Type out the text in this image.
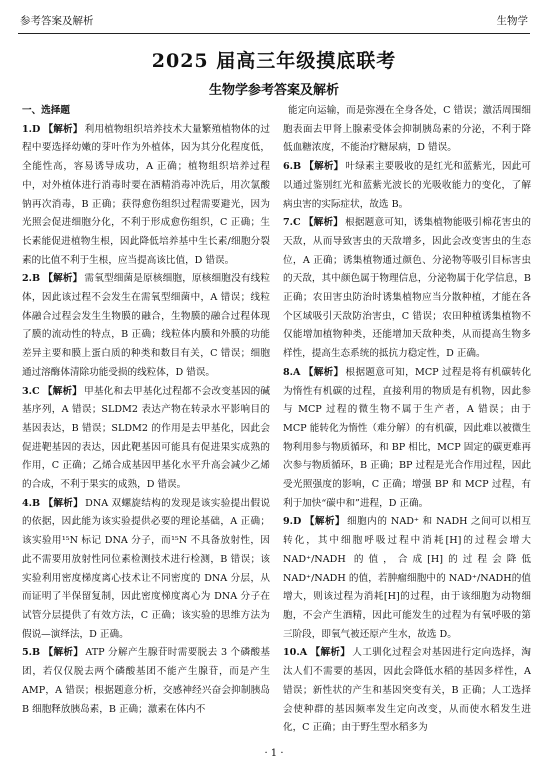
参考答案及解析	生物学
2025 届高三年级摸底联考
生物学参考答案及解析

一、选择题

1.D 【解析】 利用植物组织培养技术大量繁殖植物体的过程中要选择幼嫩的芽叶作为外植体，因为其分化程度低，全能性高，容易诱导成功，A 正确；植物组织培养过程中，对外植体进行消毒时要在酒精消毒冲洗后，用次氯酸钠再次消毒，B 正确；获得愈伤组织过程需要避光，因为光照会促进细胞分化，不利于形成愈伤组织，C 正确；生长素能促进植物生根，因此降低培养基中生长素/细胞分裂素的比值不利于生根，应当提高该比值，D 错误。

2.B 【解析】 需氧型细菌是原核细胞，原核细胞没有线粒体，因此该过程不会发生在需氧型细菌中，A 错误；线粒体融合过程会发生生物膜的融合，生物膜的融合过程体现了膜的流动性的特点，B 正确；线粒体内膜和外膜的功能差异主要和膜上蛋白质的种类和数目有关，C 错误；细胞通过溶酶体清除功能受损的线粒体，D 错误。

3.C 【解析】 甲基化和去甲基化过程都不会改变基因的碱基序列，A 错误；SLDM2 表达产物在转录水平影响目的基因表达，B 错误；SLDM2 的作用是去甲基化，因此会促进靶基因的表达，因此靶基因可能具有促进果实成熟的作用，C 正确；乙烯合成基因甲基化水平升高会减少乙烯的合成，不利于果实的成熟，D 错误。

4.B 【解析】 DNA 双螺旋结构的发现是该实验提出假说的依据，因此能为该实验提供必要的理论基础，A 正确；该实验用¹⁵N 标记 DNA 分子，而¹⁵N 不具备放射性，因此不需要用放射性同位素检测技术进行检测，B 错误；该实验利用密度梯度离心技术让不同密度的 DNA 分层，从而证明了半保留复制，因此密度梯度离心为 DNA 分子在试管分层提供了有效方法，C 正确；该实验的思维方法为假说—演绎法，D 正确。

5.B 【解析】 ATP 分解产生腺苷时需要脱去 3 个磷酸基团，若仅仅脱去两个磷酸基团不能产生腺苷，而是产生 AMP，A 错误；根据题意分析，交感神经兴奋会抑制胰岛 B 细胞释放胰岛素，B 正确；激素在体内不

能定向运输，而是弥漫在全身各处，C 错误；激活周围细胞表面去甲肾上腺素受体会抑制胰岛素的分泌，不利于降低血糖浓度，不能治疗糖尿病，D 错误。

6.B 【解析】 叶绿素主要吸收的是红光和蓝紫光，因此可以通过鉴别红光和蓝紫光波长的光吸收能力的变化，了解病虫害的实际症状，故选 B。

7.C 【解析】 根据题意可知，诱集植物能吸引棉花害虫的天敌，从而导致害虫的天敌增多，因此会改变害虫的生态位，A 正确；诱集植物通过颜色、分泌物等吸引目标害虫的天敌，其中颜色属于物理信息，分泌物属于化学信息，B 正确；农田害虫防治时诱集植物应当分散种植，才能在各个区域吸引天敌防治害虫，C 错误；农田种植诱集植物不仅能增加植物种类，还能增加天敌种类，从而提高生物多样性，提高生态系统的抵抗力稳定性，D 正确。

8.A 【解析】 根据题意可知，MCP 过程是将有机碳转化为惰性有机碳的过程，直接利用的物质是有机物，因此参与 MCP 过程的微生物不属于生产者，A 错误；由于 MCP 能转化为惰性（难分解）的有机碳，因此难以被微生物利用参与物质循环，和 BP 相比，MCP 固定的碳更难再次参与物质循环，B 正确；BP 过程是光合作用过程，因此受光照强度的影响，C 正确；增强 BP 和 MCP 过程，有利于加快“碳中和”进程，D 正确。

9.D 【解析】 细胞内的 NAD⁺ 和 NADH 之间可以相互转化，其中细胞呼吸过程中消耗[H]的过程会增大 NAD⁺/NADH 的值，合成[H]的过程会降低 NAD⁺/NADH 的值，若肿瘤细胞中的 NAD⁺/NADH的值增大，则该过程为消耗[H]的过程，由于该细胞为动物细胞，不会产生酒精，因此可能发生的过程为有氧呼吸的第三阶段，即氧气被还原产生水，故选 D。

10.A 【解析】 人工驯化过程会对基因进行定向选择，淘汰人们不需要的基因，因此会降低水稻的基因多样性，A 错误；新性状的产生和基因突变有关，B 正确；人工选择会使种群的基因频率发生定向改变，从而使水稻发生进化，C 正确；由于野生型水稻多为

· 1 ·
